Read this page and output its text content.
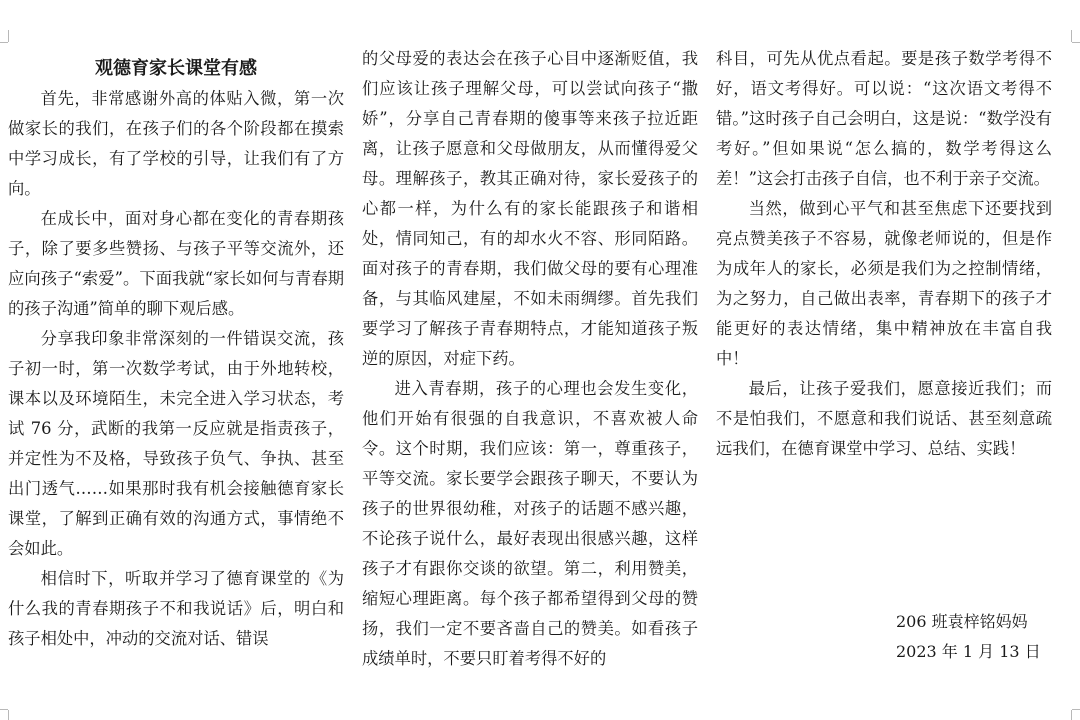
观德育家长课堂有感

首先，非常感谢外高的体贴入微，第一次做家长的我们，在孩子们的各个阶段都在摸索中学习成长，有了学校的引导，让我们有了方向。

在成长中，面对身心都在变化的青春期孩子，除了要多些赞扬、与孩子平等交流外，还应向孩子“索爱”。下面我就“家长如何与青春期的孩子沟通”简单的聊下观后感。

分享我印象非常深刻的一件错误交流，孩子初一时，第一次数学考试，由于外地转校，课本以及环境陌生，未完全进入学习状态，考试 76 分，武断的我第一反应就是指责孩子，并定性为不及格，导致孩子负气、争执、甚至出门透气……如果那时我有机会接触德育家长课堂，了解到正确有效的沟通方式，事情绝不会如此。

相信时下，听取并学习了德育课堂的《为什么我的青春期孩子不和我说话》后，明白和孩子相处中，冲动的交流对话、错误

的父母爱的表达会在孩子心目中逐渐贬值，我们应该让孩子理解父母，可以尝试向孩子“撒娇”，分享自己青春期的傻事等来孩子拉近距离，让孩子愿意和父母做朋友，从而懂得爱父母。理解孩子，教其正确对待，家长爱孩子的心都一样，为什么有的家长能跟孩子和谐相处，情同知己，有的却水火不容、形同陌路。面对孩子的青春期，我们做父母的要有心理准备，与其临风建屋，不如未雨绸缪。首先我们要学习了解孩子青春期特点，才能知道孩子叛逆的原因，对症下药。

进入青春期，孩子的心理也会发生变化，他们开始有很强的自我意识，不喜欢被人命令。这个时期，我们应该：第一，尊重孩子，平等交流。家长要学会跟孩子聊天，不要认为孩子的世界很幼稚，对孩子的话题不感兴趣，不论孩子说什么，最好表现出很感兴趣，这样孩子才有跟你交谈的欲望。第二，利用赞美，缩短心理距离。每个孩子都希望得到父母的赞扬，我们一定不要吝啬自己的赞美。如看孩子成绩单时，不要只盯着考得不好的

科目，可先从优点看起。要是孩子数学考得不好，语文考得好。可以说：“这次语文考得不错。”这时孩子自己会明白，这是说：“数学没有考好。”但如果说“怎么搞的，数学考得这么差！”这会打击孩子自信，也不利于亲子交流。

当然，做到心平气和甚至焦虑下还要找到亮点赞美孩子不容易，就像老师说的，但是作为成年人的家长，必须是我们为之控制情绪，为之努力，自己做出表率，青春期下的孩子才能更好的表达情绪，集中精神放在丰富自我中！

最后，让孩子爱我们，愿意接近我们；而不是怕我们，不愿意和我们说话、甚至刻意疏远我们，在德育课堂中学习、总结、实践！

206 班袁梓铭妈妈
2023 年 1 月 13 日
